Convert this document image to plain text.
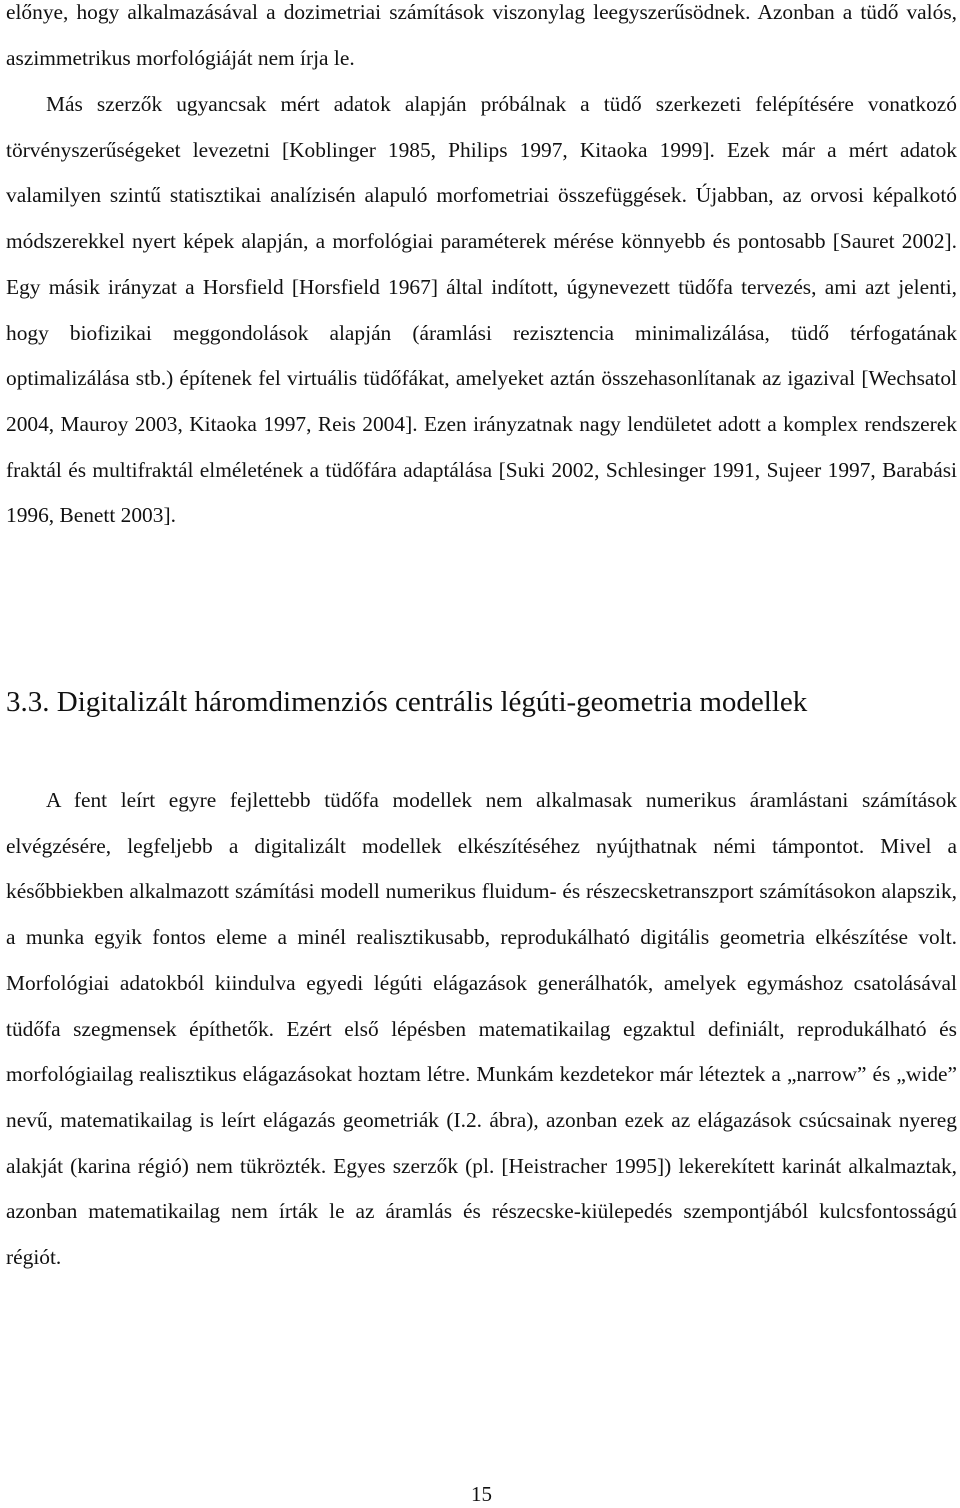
előnye, hogy alkalmazásával a dozimetriai számítások viszonylag leegyszerűsödnek. Azonban a tüdő valós, aszimmetrikus morfológiáját nem írja le.

Más szerzők ugyancsak mért adatok alapján próbálnak a tüdő szerkezeti felépítésére vonatkozó törvényszerűségeket levezetni [Koblinger 1985, Philips 1997, Kitaoka 1999]. Ezek már a mért adatok valamilyen szintű statisztikai analízisén alapuló morfometriai összefüggések. Újabban, az orvosi képalkotó módszerekkel nyert képek alapján, a morfológiai paraméterek mérése könnyebb és pontosabb [Sauret 2002]. Egy másik irányzat a Horsfield [Horsfield 1967] által indított, úgynevezett tüdőfa tervezés, ami azt jelenti, hogy biofizikai meggondolások alapján (áramlási rezisztencia minimalizálása, tüdő térfogatának optimalizálása stb.) építenek fel virtuális tüdőfákat, amelyeket aztán összehasonlítanak az igazival [Wechsatol 2004, Mauroy 2003, Kitaoka 1997, Reis 2004]. Ezen irányzatnak nagy lendületet adott a komplex rendszerek fraktál és multifraktál elméletének a tüdőfára adaptálása [Suki 2002, Schlesinger 1991, Sujeer 1997, Barabási 1996, Benett 2003].

3.3. Digitalizált háromdimenziós centrális légúti-geometria modellek

A fent leírt egyre fejlettebb tüdőfa modellek nem alkalmasak numerikus áramlástani számítások elvégzésére, legfeljebb a digitalizált modellek elkészítéséhez nyújthatnak némi támpontot. Mivel a későbbiekben alkalmazott számítási modell numerikus fluidum- és részecsketranszport számításokon alapszik, a munka egyik fontos eleme a minél realisztikusabb, reprodukálható digitális geometria elkészítése volt. Morfológiai adatokból kiindulva egyedi légúti elágazások generálhatók, amelyek egymáshoz csatolásával tüdőfa szegmensek építhetők. Ezért első lépésben matematikailag egzaktul definiált, reprodukálható és morfológiailag realisztikus elágazásokat hoztam létre. Munkám kezdetekor már léteztek a „narrow” és „wide” nevű, matematikailag is leírt elágazás geometriák (I.2. ábra), azonban ezek az elágazások csúcsainak nyereg alakját (karina régió) nem tükrözték. Egyes szerzők (pl. [Heistracher 1995]) lekerekített karinát alkalmaztak, azonban matematikailag nem írták le az áramlás és részecske-kiülepedés szempontjából kulcsfontosságú régiót.

15
